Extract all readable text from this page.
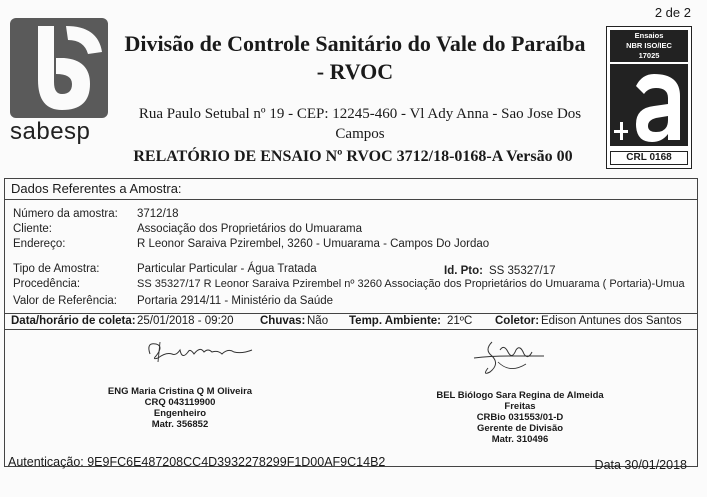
2 de 2
sabesp
Divisão de Controle Sanitário do Vale do Paraíba
- RVOC
Rua Paulo Setubal nº 19 - CEP: 12245-460 - Vl Ady Anna - Sao Jose Dos
Campos
RELATÓRIO DE ENSAIO Nº RVOC 3712/18-0168-A Versão 00
Ensaios
NBR ISO/IEC
17025
CRL 0168
Dados Referentes a Amostra:
Número da amostra: 3712/18
Cliente:	Associação dos Proprietários do Umuarama
Endereço:	R Leonor Saraiva Pzirembel, 3260 - Umuarama - Campos Do Jordao
Tipo de Amostra:	Particular Particular - Água Tratada	Id. Pto: SS 35327/17
Procedência:	SS 35327/17 R Leonor Saraiva Pzirembel nº 3260 Associação dos Proprietários do Umuarama ( Portaria)-Umua
Valor de Referência: Portaria 2914/11 - Ministério da Saúde
Data/horário de coleta: 25/01/2018 - 09:20 Chuvas: Não Temp. Ambiente: 21ºC Coletor: Edison Antunes dos Santos
ENG Maria Cristina Q M Oliveira
CRQ 043119900
Engenheiro
Matr. 356852
BEL Biólogo Sara Regina de Almeida
Freitas
CRBio 031553/01-D
Gerente de Divisão
Matr. 310496
Autenticação: 9E9FC6E487208CC4D3932278299F1D00AF9C14B2	Data 30/01/2018
